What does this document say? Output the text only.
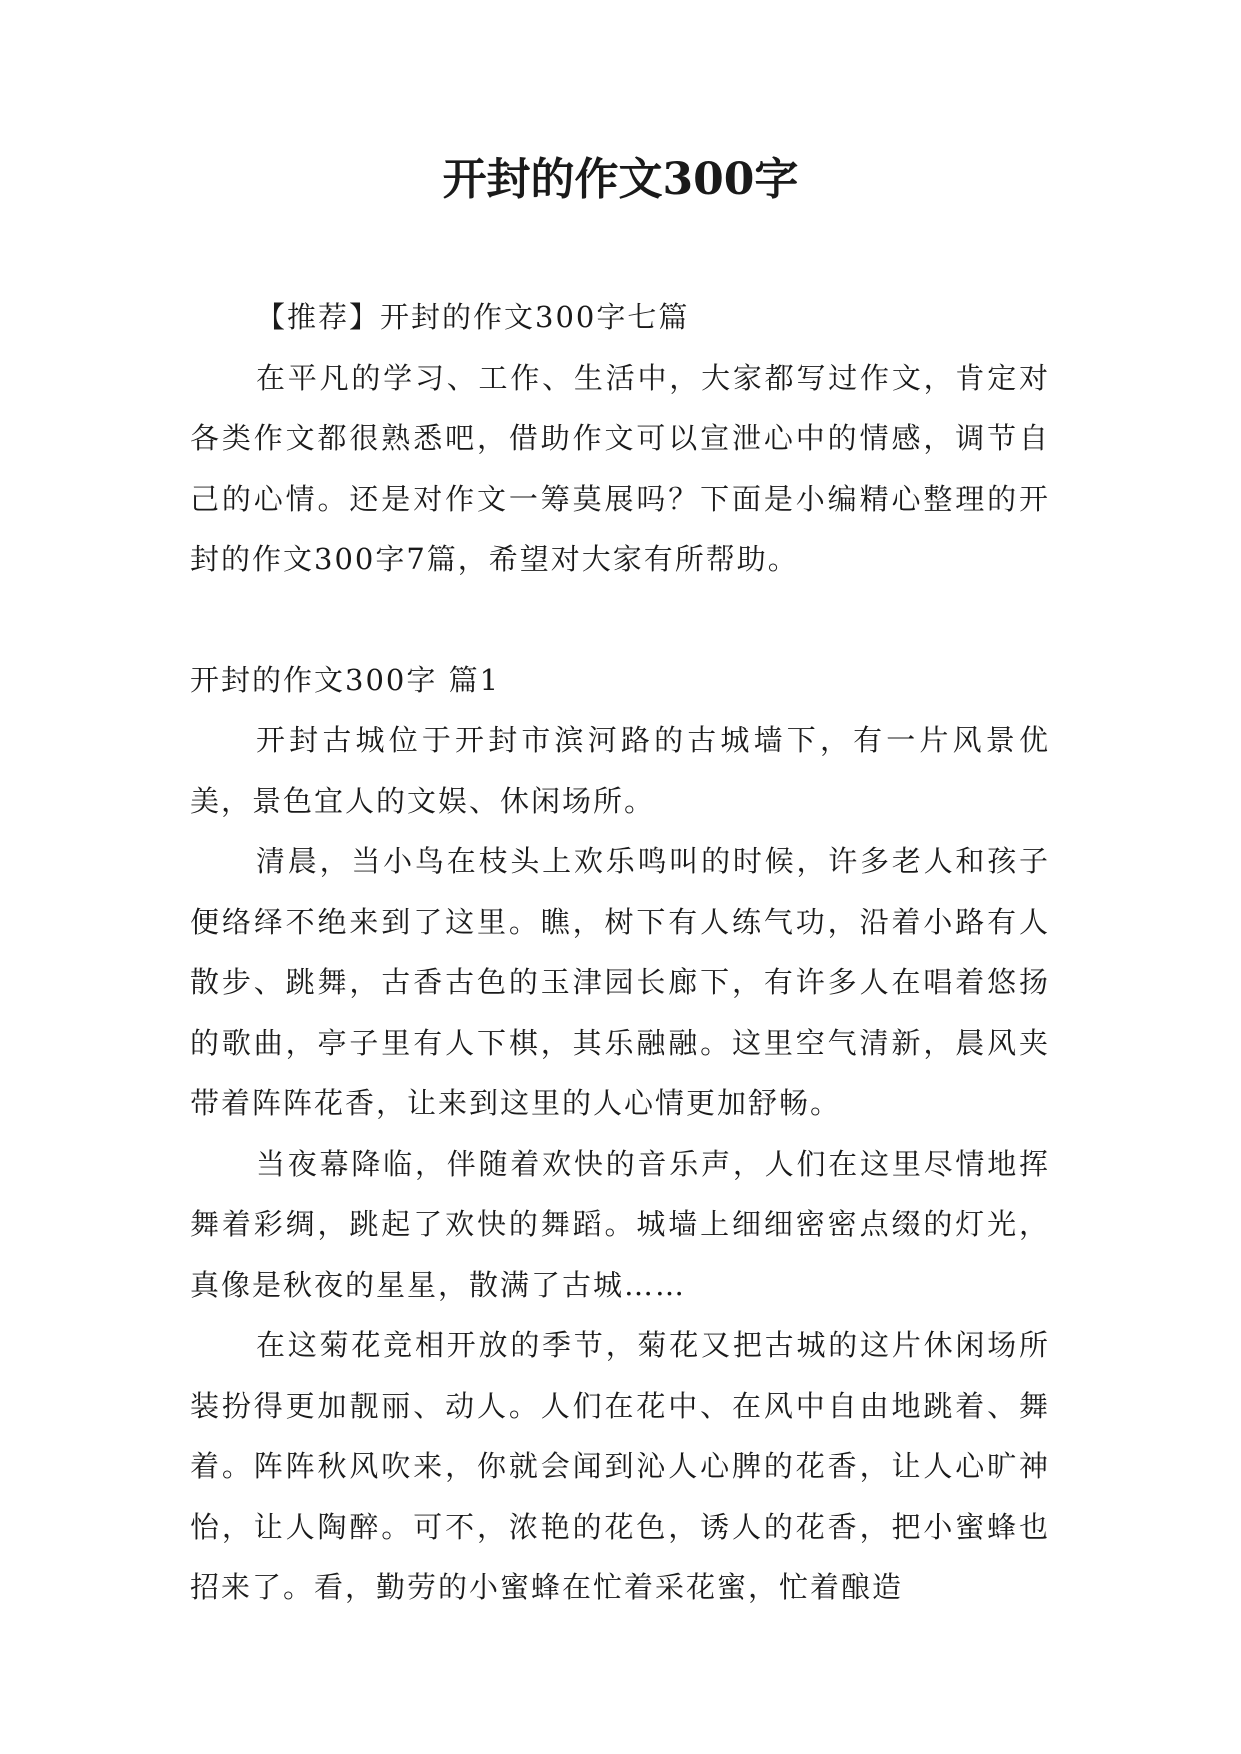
开封的作文300字

【推荐】开封的作文300字七篇

在平凡的学习、工作、生活中，大家都写过作文，肯定对各类作文都很熟悉吧，借助作文可以宣泄心中的情感，调节自己的心情。还是对作文一筹莫展吗？下面是小编精心整理的开封的作文300字7篇，希望对大家有所帮助。

开封的作文300字 篇1

开封古城位于开封市滨河路的古城墙下，有一片风景优美，景色宜人的文娱、休闲场所。

清晨，当小鸟在枝头上欢乐鸣叫的时候，许多老人和孩子便络绎不绝来到了这里。瞧，树下有人练气功，沿着小路有人散步、跳舞，古香古色的玉津园长廊下，有许多人在唱着悠扬的歌曲，亭子里有人下棋，其乐融融。这里空气清新，晨风夹带着阵阵花香，让来到这里的人心情更加舒畅。

当夜幕降临，伴随着欢快的音乐声，人们在这里尽情地挥舞着彩绸，跳起了欢快的舞蹈。城墙上细细密密点缀的灯光，真像是秋夜的星星，散满了古城……

在这菊花竞相开放的季节，菊花又把古城的这片休闲场所装扮得更加靓丽、动人。人们在花中、在风中自由地跳着、舞着。阵阵秋风吹来，你就会闻到沁人心脾的花香，让人心旷神怡，让人陶醉。可不，浓艳的花色，诱人的花香，把小蜜蜂也招来了。看，勤劳的小蜜蜂在忙着采花蜜，忙着酿造
